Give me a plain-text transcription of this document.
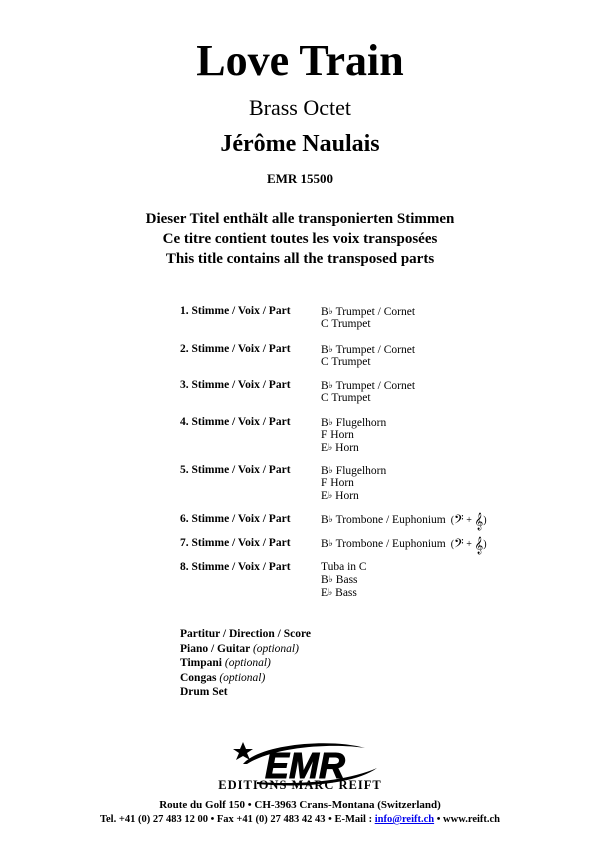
Love Train
Brass Octet
Jérôme Naulais
EMR 15500
Dieser Titel enthält alle transponierten Stimmen
Ce titre contient toutes les voix transposées
This title contains all the transposed parts
1. Stimme / Voix / Part	B♭ Trumpet / Cornet
C Trumpet
2. Stimme / Voix / Part	B♭ Trumpet / Cornet
C Trumpet
3. Stimme / Voix / Part	B♭ Trumpet / Cornet
C Trumpet
4. Stimme / Voix / Part	B♭ Flugelhorn
F Horn
E♭ Horn
5. Stimme / Voix / Part	B♭ Flugelhorn
F Horn
E♭ Horn
6. Stimme / Voix / Part	B♭ Trombone / Euphonium  (𝄢 + 𝄞)
7. Stimme / Voix / Part	B♭ Trombone / Euphonium  (𝄢 + 𝄞)
8. Stimme / Voix / Part	Tuba in C
B♭ Bass
E♭ Bass
Partitur / Direction / Score
Piano / Guitar (optional)
Timpani (optional)
Congas (optional)
Drum Set
EMR
EDITIONS MARC REIFT
Route du Golf 150 • CH-3963 Crans-Montana (Switzerland)
Tel. +41 (0) 27 483 12 00 • Fax +41 (0) 27 483 42 43 • E-Mail : info@reift.ch • www.reift.ch
